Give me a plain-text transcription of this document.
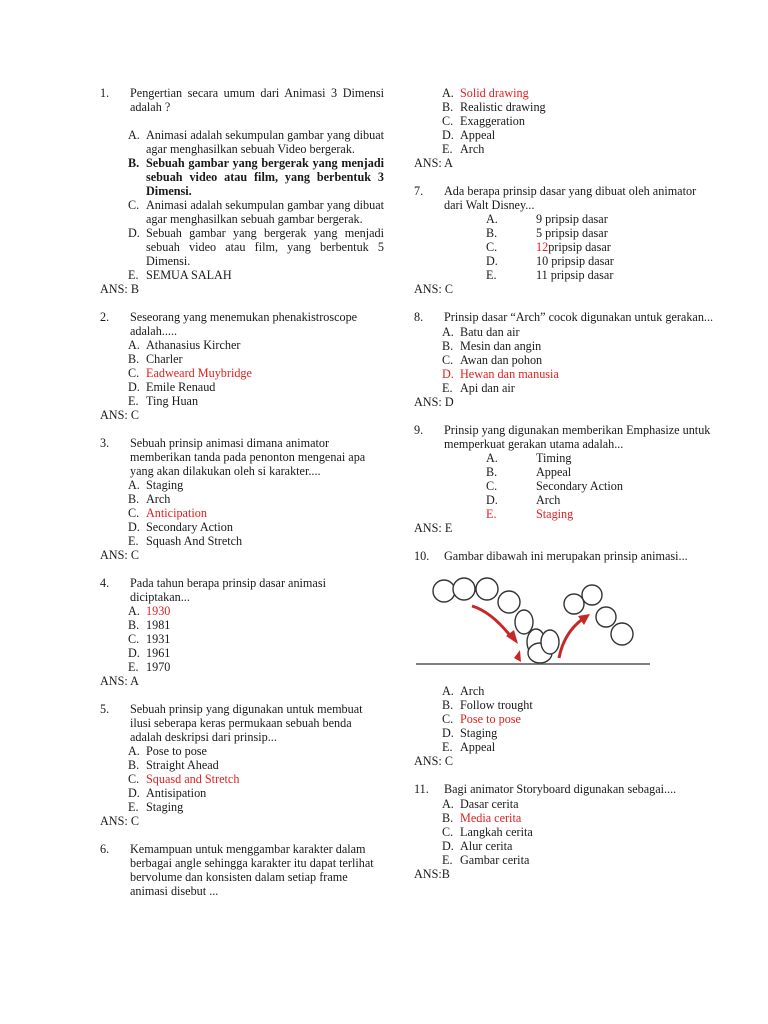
1.	Pengertian secara umum dari Animasi 3 Dimensi adalah ?
A. Animasi adalah sekumpulan gambar yang dibuat agar menghasilkan sebuah Video bergerak.
B. Sebuah gambar yang bergerak yang menjadi sebuah video atau film, yang berbentuk 3 Dimensi.
C. Animasi adalah sekumpulan gambar yang dibuat agar menghasilkan sebuah gambar bergerak.
D. Sebuah gambar yang bergerak yang menjadi sebuah video atau film, yang berbentuk 5 Dimensi.
E. SEMUA SALAH
ANS: B
2.	Seseorang yang menemukan phenakistroscope adalah.....
A. Athanasius Kircher
B. Charler
C. Eadweard Muybridge
D. Emile Renaud
E. Ting Huan
ANS: C
3.	Sebuah prinsip animasi dimana animator memberikan tanda pada penonton mengenai apa yang akan dilakukan oleh si karakter....
A. Staging
B. Arch
C. Anticipation
D. Secondary Action
E. Squash And Stretch
ANS: C
4.	Pada tahun berapa prinsip dasar animasi diciptakan...
A. 1930
B. 1981
C. 1931
D. 1961
E. 1970
ANS: A
5.	Sebuah prinsip yang digunakan untuk membuat ilusi seberapa keras permukaan sebuah benda adalah deskripsi dari prinsip...
A. Pose to pose
B. Straight Ahead
C. Squasd and Stretch
D. Antisipation
E. Staging
ANS: C
6.	Kemampuan untuk menggambar karakter dalam berbagai angle sehingga karakter itu dapat terlihat bervolume dan konsisten dalam setiap frame animasi disebut ...
A. Solid drawing
B. Realistic drawing
C. Exaggeration
D. Appeal
E. Arch
ANS: A
7.	Ada berapa prinsip dasar yang dibuat oleh animator dari Walt Disney...
A.	9 pripsip dasar
B.	5 pripsip dasar
C.	12pripsip dasar
D.	10 pripsip dasar
E.	11 pripsip dasar
ANS: C
8.	Prinsip dasar “Arch” cocok digunakan untuk gerakan...
A. Batu dan air
B. Mesin dan angin
C. Awan dan pohon
D. Hewan dan manusia
E. Api dan air
ANS: D
9.	Prinsip yang digunakan memberikan Emphasize untuk memperkuat gerakan utama adalah...
A.	Timing
B.	Appeal
C.	Secondary Action
D.	Arch
E.	Staging
ANS: E
10.	Gambar dibawah ini merupakan prinsip animasi...
A. Arch
B. Follow trought
C. Pose to pose
D. Staging
E. Appeal
ANS: C
11.	Bagi animator Storyboard digunakan sebagai....
A. Dasar cerita
B. Media cerita
C. Langkah cerita
D. Alur cerita
E. Gambar cerita
ANS:B
